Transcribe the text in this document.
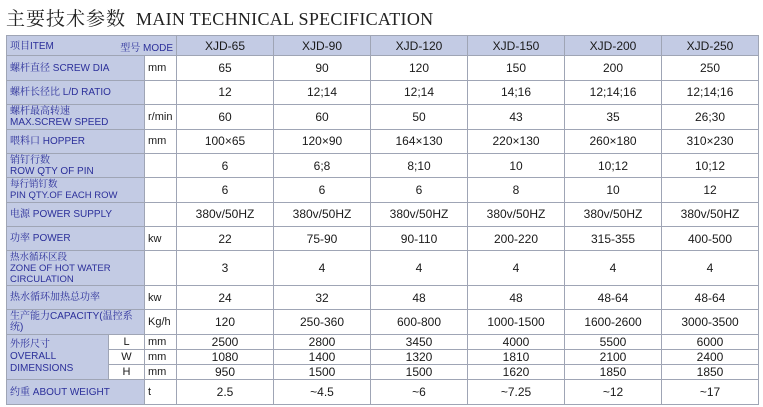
主要技术参数 MAIN TECHNICAL SPECIFICATION
项目ITEM 型号 MODE			XJD-65	XJD-90	XJD-120	XJD-150	XJD-200	XJD-250
螺杆直径 SCREW DIA		mm	65	90	120	150	200	250
螺杆长径比 L/D RATIO			12	12;14	12;14	14;16	12;14;16	12;14;16
螺杆最高转速
MAX.SCREW SPEED		r/min	60	60	50	43	35	26;30
喂料口 HOPPER		mm	100×65	120×90	164×130	220×130	260×180	310×230
销钉行数
ROW QTY OF PIN			6	6;8	8;10	10	10;12	10;12
每行销钉数
PIN QTY.OF EACH ROW			6	6	6	8	10	12
电源 POWER SUPPLY			380v/50HZ	380v/50HZ	380v/50HZ	380v/50HZ	380v/50HZ	380v/50HZ
功率 POWER		kw	22	75-90	90-110	200-220	315-355	400-500
热水循环区段
ZONE OF HOT WATER CIRCULATION			3	4	4	4	4	4
热水循环加热总功率		kw	24	32	48	48	48-64	48-64
生产能力CAPACITY(温控系统)		Kg/h	120	250-360	600-800	1000-1500	1600-2600	3000-3500
外形尺寸
OVERALL
DIMENSIONS	L	mm	2500	2800	3450	4000	5500	6000
	W	mm	1080	1400	1320	1810	2100	2400
	H	mm	950	1500	1500	1620	1850	1850
约重 ABOUT WEIGHT		t	2.5	~4.5	~6	~7.25	~12	~17
